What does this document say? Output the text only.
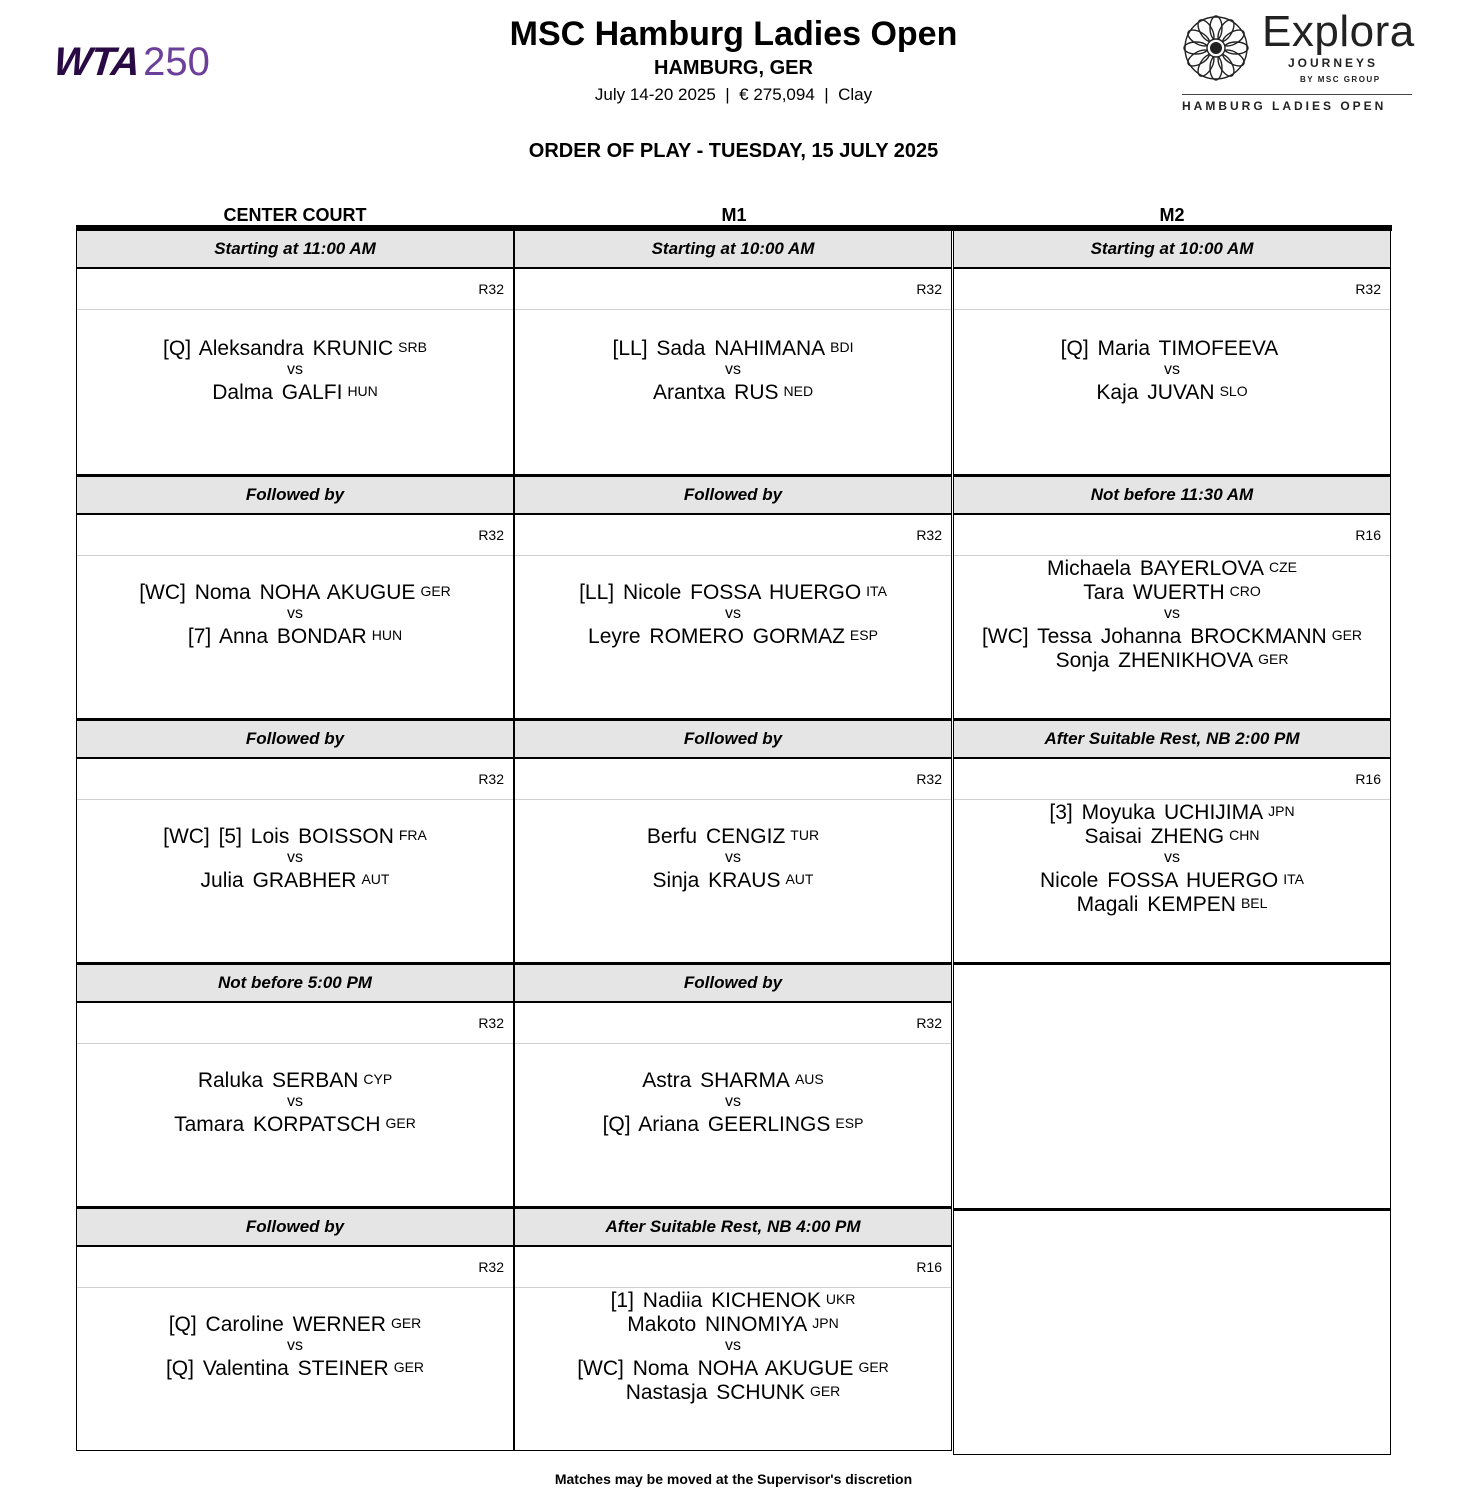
WTA250
MSC Hamburg Ladies Open
HAMBURG, GER
July 14-20 2025  |  € 275,094  |  Clay
ORDER OF PLAY - TUESDAY, 15 JULY 2025
Explora
JOURNEYS
BY MSC GROUP
HAMBURG LADIES OPEN
CENTER COURT	M1	M2
Starting at 11:00 AM
R32
[Q] Aleksandra KRUNIC SRB
vs
Dalma GALFI HUN
Followed by
R32
[WC] Noma NOHA AKUGUE GER
vs
[7] Anna BONDAR HUN
Followed by
R32
[WC] [5] Lois BOISSON FRA
vs
Julia GRABHER AUT
Not before 5:00 PM
R32
Raluka SERBAN CYP
vs
Tamara KORPATSCH GER
Followed by
R32
[Q] Caroline WERNER GER
vs
[Q] Valentina STEINER GER
Starting at 10:00 AM
R32
[LL] Sada NAHIMANA BDI
vs
Arantxa RUS NED
Followed by
R32
[LL] Nicole FOSSA HUERGO ITA
vs
Leyre ROMERO GORMAZ ESP
Followed by
R32
Berfu CENGIZ TUR
vs
Sinja KRAUS AUT
Followed by
R32
Astra SHARMA AUS
vs
[Q] Ariana GEERLINGS ESP
After Suitable Rest, NB 4:00 PM
R16
[1] Nadiia KICHENOK UKR
Makoto NINOMIYA JPN
vs
[WC] Noma NOHA AKUGUE GER
Nastasja SCHUNK GER
Starting at 10:00 AM
R32
[Q] Maria TIMOFEEVA
vs
Kaja JUVAN SLO
Not before 11:30 AM
R16
Michaela BAYERLOVA CZE
Tara WUERTH CRO
vs
[WC] Tessa Johanna BROCKMANN GER
Sonja ZHENIKHOVA GER
After Suitable Rest, NB 2:00 PM
R16
[3] Moyuka UCHIJIMA JPN
Saisai ZHENG CHN
vs
Nicole FOSSA HUERGO ITA
Magali KEMPEN BEL
Matches may be moved at the Supervisor's discretion
